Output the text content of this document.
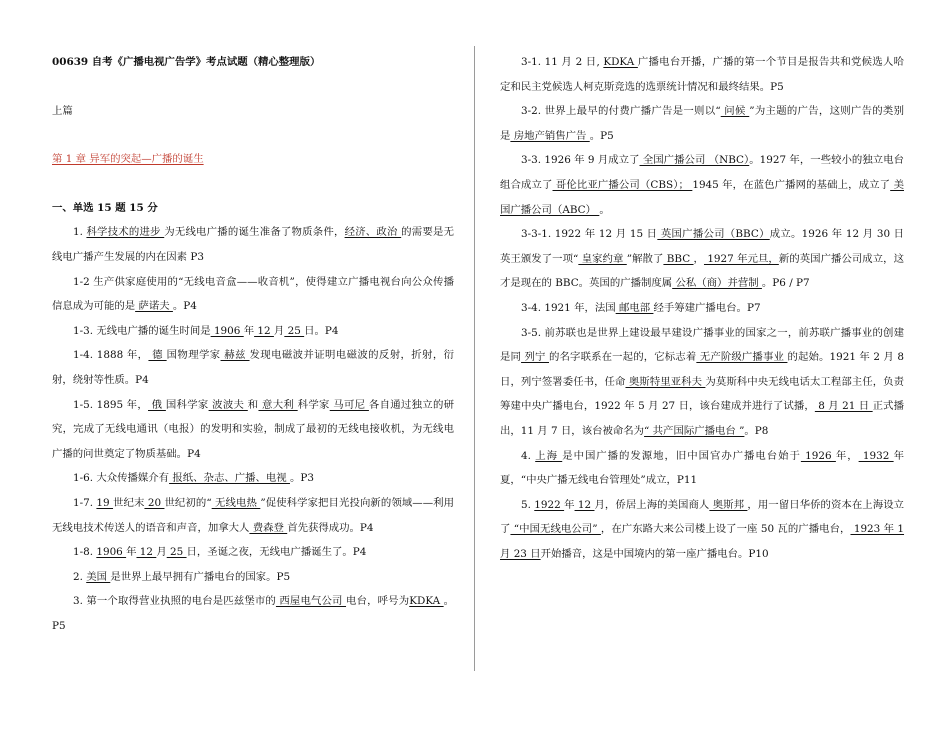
00639 自考《广播电视广告学》考点试题（精心整理版）

上篇

第 1 章 异军的突起—广播的诞生

一、单选 15 题 15 分

1. 科学技术的进步 为无线电广播的诞生准备了物质条件，经济、政治 的需要是无线电广播产生发展的内在因素 P3

1-2 生产供家庭使用的“无线电音盒——收音机”，使得建立广播电视台向公众传播信息成为可能的是 萨诺夫 。P4

1-3. 无线电广播的诞生时间是 1906 年 12 月 25 日。P4

1-4. 1888 年， 德 国物理学家 赫兹 发现电磁波并证明电磁波的反射，折射，衍射，绕射等性质。P4

1-5. 1895 年， 俄 国科学家 波波夫 和 意大利 科学家 马可尼 各自通过独立的研究，完成了无线电通讯（电报）的发明和实验，制成了最初的无线电接收机，为无线电广播的问世奠定了物质基础。P4

1-6. 大众传播媒介有 报纸、杂志、广播、电视 。P3

1-7. 19 世纪末 20 世纪初的“ 无线电热 ”促使科学家把目光投向新的领域——利用无线电技术传送人的语音和声音，加拿大人 费森登 首先获得成功。P4

1-8. 1906 年 12 月 25 日，圣诞之夜，无线电广播诞生了。P4

2. 美国 是世界上最早拥有广播电台的国家。P5

3. 第一个取得营业执照的电台是匹兹堡市的 西屋电气公司 电台，呼号为KDKA 。P5

3-1. 11 月 2 日, KDKA 广播电台开播，广播的第一个节目是报告共和党候选人哈定和民主党候选人柯克斯竞选的选票统计情况和最终结果。P5

3-2. 世界上最早的付费广播广告是一则以“ 问候 ”为主题的广告，这则广告的类别是 房地产销售广告 。P5

3-3. 1926 年 9 月成立了 全国广播公司 （NBC）。1927 年，一些较小的独立电台组合成立了 哥伦比亚广播公司（CBS）； 1945 年，在蓝色广播网的基础上，成立了 美国广播公司（ABC） 。

3-3-1. 1922 年 12 月 15 日 英国广播公司（BBC）成立。1926 年 12 月 30 日英王颁发了一项“ 皇家约章 ”解散了 BBC ， 1927 年元旦，新的英国广播公司成立，这才是现在的 BBC。英国的广播制度属 公私（商）并营制 。P6 / P7

3-4. 1921 年，法国 邮电部 经手筹建广播电台。P7

3-5. 前苏联也是世界上建设最早建设广播事业的国家之一，前苏联广播事业的创建是同 列宁 的名字联系在一起的，它标志着 无产阶级广播事业 的起始。1921 年 2 月 8 日，列宁签署委任书，任命 奥斯特里亚科夫 为莫斯科中央无线电话太工程部主任，负责筹建中央广播电台，1922 年 5 月 27 日，该台建成并进行了试播， 8 月 21 日 正式播出，11 月 7 日，该台被命名为“ 共产国际广播电台 ”。P8

4. 上海 是中国广播的发源地，旧中国官办广播电台始于 1926 年， 1932 年夏，“中央广播无线电台管理处”成立，P11

5. 1922 年 12 月，侨居上海的美国商人 奥斯邦 ，用一留日华侨的资本在上海设立了 “中国无线电公司” ，在广东路大来公司楼上设了一座 50 瓦的广播电台， 1923 年 1 月 23 日开始播音，这是中国境内的第一座广播电台。P10
